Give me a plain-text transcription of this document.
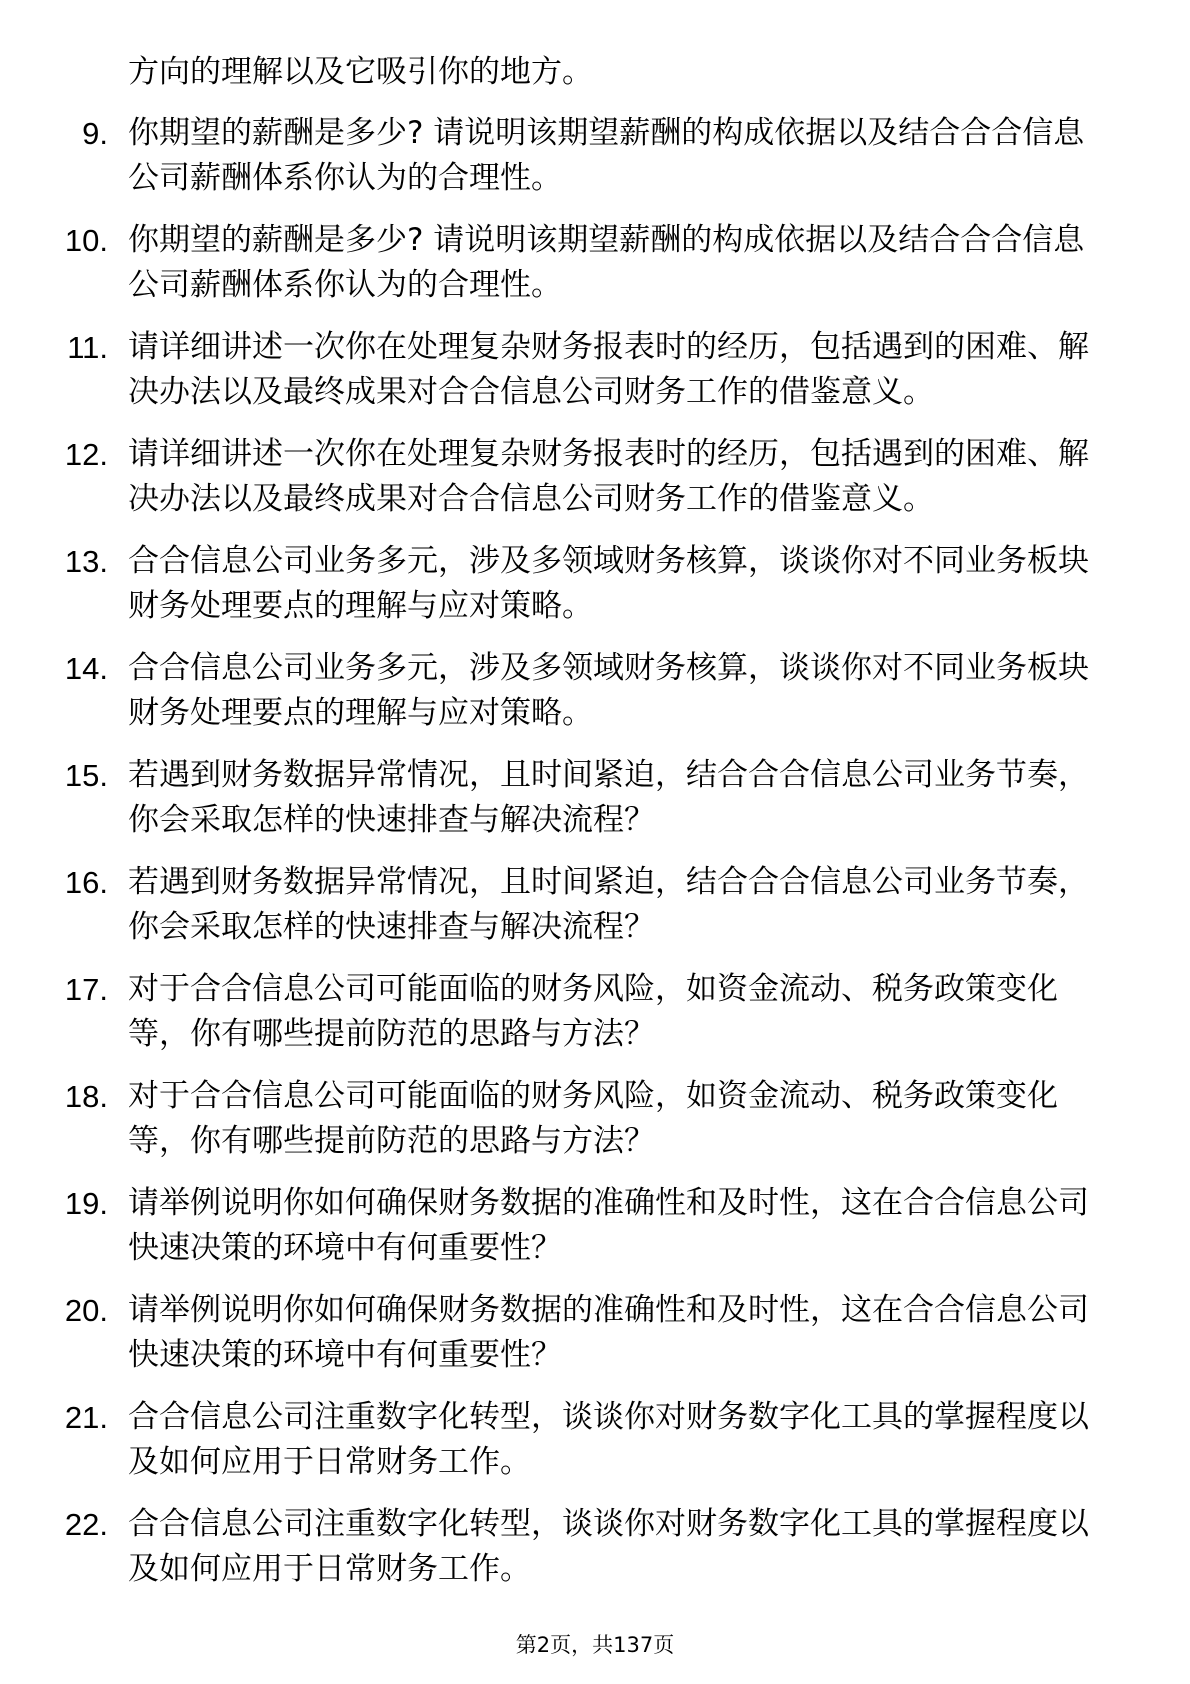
方向的理解以及它吸引你的地方。
9. 你期望的薪酬是多少? 请说明该期望薪酬的构成依据以及结合合合信息公司薪酬体系你认为的合理性。
10. 你期望的薪酬是多少? 请说明该期望薪酬的构成依据以及结合合合信息公司薪酬体系你认为的合理性。
11. 请详细讲述一次你在处理复杂财务报表时的经历，包括遇到的困难、解决办法以及最终成果对合合信息公司财务工作的借鉴意义。
12. 请详细讲述一次你在处理复杂财务报表时的经历，包括遇到的困难、解决办法以及最终成果对合合信息公司财务工作的借鉴意义。
13. 合合信息公司业务多元，涉及多领域财务核算，谈谈你对不同业务板块财务处理要点的理解与应对策略。
14. 合合信息公司业务多元，涉及多领域财务核算，谈谈你对不同业务板块财务处理要点的理解与应对策略。
15. 若遇到财务数据异常情况，且时间紧迫，结合合合信息公司业务节奏，你会采取怎样的快速排查与解决流程？
16. 若遇到财务数据异常情况，且时间紧迫，结合合合信息公司业务节奏，你会采取怎样的快速排查与解决流程？
17. 对于合合信息公司可能面临的财务风险，如资金流动、税务政策变化等，你有哪些提前防范的思路与方法？
18. 对于合合信息公司可能面临的财务风险，如资金流动、税务政策变化等，你有哪些提前防范的思路与方法？
19. 请举例说明你如何确保财务数据的准确性和及时性，这在合合信息公司快速决策的环境中有何重要性？
20. 请举例说明你如何确保财务数据的准确性和及时性，这在合合信息公司快速决策的环境中有何重要性？
21. 合合信息公司注重数字化转型，谈谈你对财务数字化工具的掌握程度以及如何应用于日常财务工作。
22. 合合信息公司注重数字化转型，谈谈你对财务数字化工具的掌握程度以及如何应用于日常财务工作。
第2页，共137页
